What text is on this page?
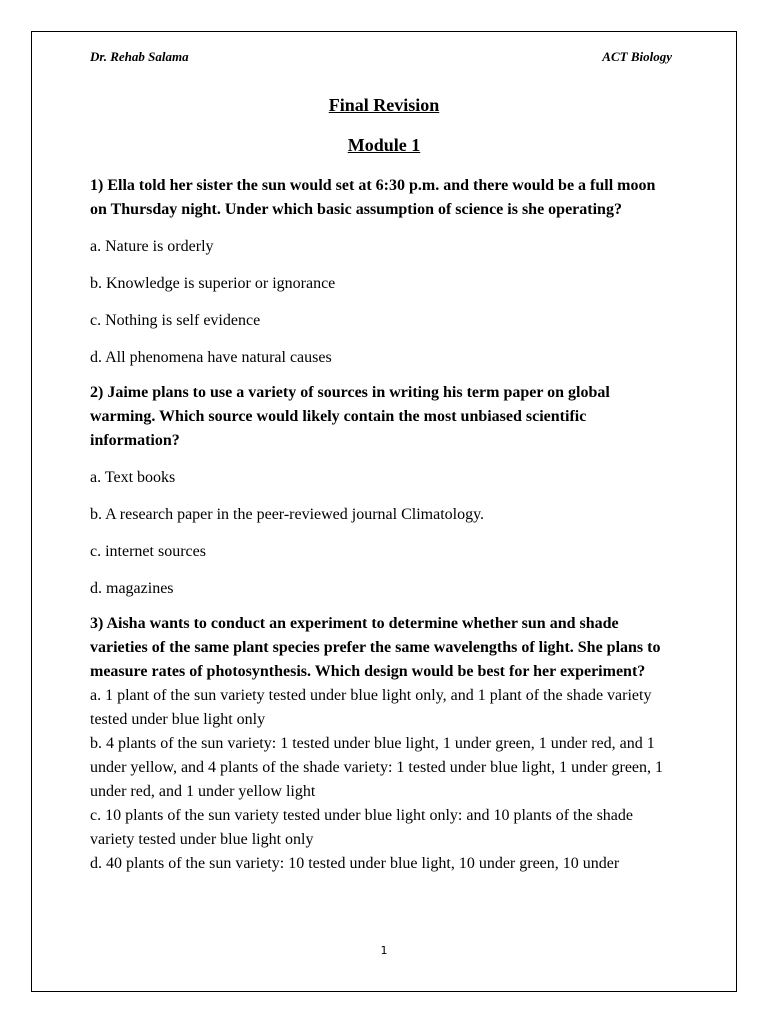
Dr. Rehab Salama	ACT Biology
Final Revision
Module 1

1) Ella told her sister the sun would set at 6:30 p.m. and there would be a full moon on Thursday night. Under which basic assumption of science is she operating?

a. Nature is orderly

b. Knowledge is superior or ignorance

c. Nothing is self evidence

d. All phenomena have natural causes

2) Jaime plans to use a variety of sources in writing his term paper on global warming. Which source would likely contain the most unbiased scientific information?

a. Text books

b. A research paper in the peer-reviewed journal Climatology.

c. internet sources

d. magazines

3) Aisha wants to conduct an experiment to determine whether sun and shade varieties of the same plant species prefer the same wavelengths of light. She plans to measure rates of photosynthesis. Which design would be best for her experiment?

a. 1 plant of the sun variety tested under blue light only, and 1 plant of the shade variety tested under blue light only

b. 4 plants of the sun variety: 1 tested under blue light, 1 under green, 1 under red, and 1 under yellow, and 4 plants of the shade variety: 1 tested under blue light, 1 under green, 1 under red, and 1 under yellow light

c. 10 plants of the sun variety tested under blue light only: and 10 plants of the shade variety tested under blue light only

d. 40 plants of the sun variety: 10 tested under blue light, 10 under green, 10 under

1
